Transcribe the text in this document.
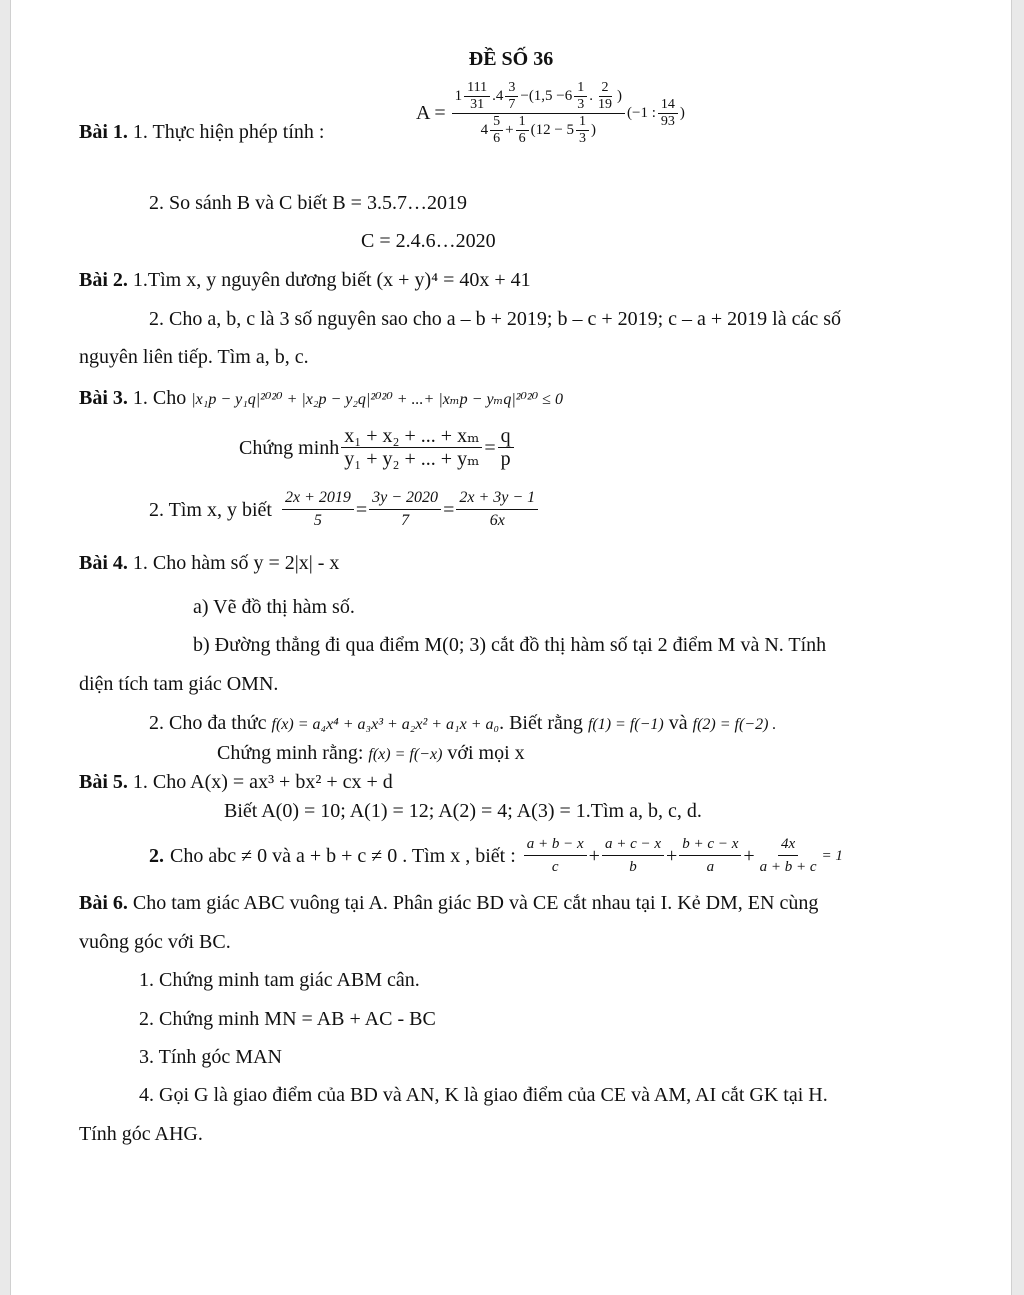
ĐỀ SỐ 36
Bài 1. 1. Thực hiện phép tính :
$A = \frac{1 \frac{111}{31} .4 \frac{3}{7} -(1,5 -6 \frac{1}{3} . \frac{2}{19} )}{4 \frac{5}{6} + \frac{1}{6} (12 - 5 \frac{1}{3} )} (-1$ : $\frac{14}{93}$ )
2. So sánh B và C biết B = 3.5.7…2019
C = 2.4.6…2020
Bài 2. 1.Tìm x, y nguyên dương biết (x + y)⁴ = 40x + 41
2. Cho a, b, c là 3 số nguyên sao cho a – b + 2019; b – c + 2019; c – a + 2019 là các số
nguyên liên tiếp. Tìm a, b, c.
Bài 3. 1. Cho |x₁p − y₁q|²⁰²⁰ + |x₂p − y₂q|²⁰²⁰ + ...+ |xₘp − yₘq|²⁰²⁰ ≤ 0
Chứng minh $\frac{\text{x₁ + x₂ + ... + xₘ}}{\text{y₁ + y₂ + ... + yₘ}} = \frac{q}{p}$
2. Tìm x, y biết $\frac{2x + 2019}{5} = \frac{3y - 2020}{7} = \frac{2x + 3y - 1}{6x}$
Bài 4. 1. Cho hàm số y = 2|x| - x
a) Vẽ đồ thị hàm số.
b) Đường thẳng đi qua điểm M(0; 3) cắt đồ thị hàm số tại 2 điểm M và N. Tính
diện tích tam giác OMN.
2. Cho đa thức f(x) = a₄x⁴ + a₃x³ + a₂x² + a₁x + a₀. Biết rằng f(1) = f(−1) và f(2) = f(−2) .
Chứng minh rằng: f(x) = f(−x) với mọi x
Bài 5. 1. Cho A(x) = ax³ + bx² + cx + d
Biết A(0) = 10; A(1) = 12; A(2) = 4; A(3) = 1.Tìm a, b, c, d.
2. Cho abc ≠ 0 và a + b + c ≠ 0 . Tìm x , biết : $\frac{a + b - x}{c} + \frac{a + c - x}{b} + \frac{b + c - x}{a} + \frac{4x}{a + b + c} = 1$
Bài 6. Cho tam giác ABC vuông tại A. Phân giác BD và CE cắt nhau tại I. Kẻ DM, EN cùng
vuông góc với BC.
1. Chứng minh tam giác ABM cân.
2. Chứng minh MN = AB + AC - BC
3. Tính góc MAN
4. Gọi G là giao điểm của BD và AN, K là giao điểm của CE và AM, AI cắt GK tại H.
Tính góc AHG.
